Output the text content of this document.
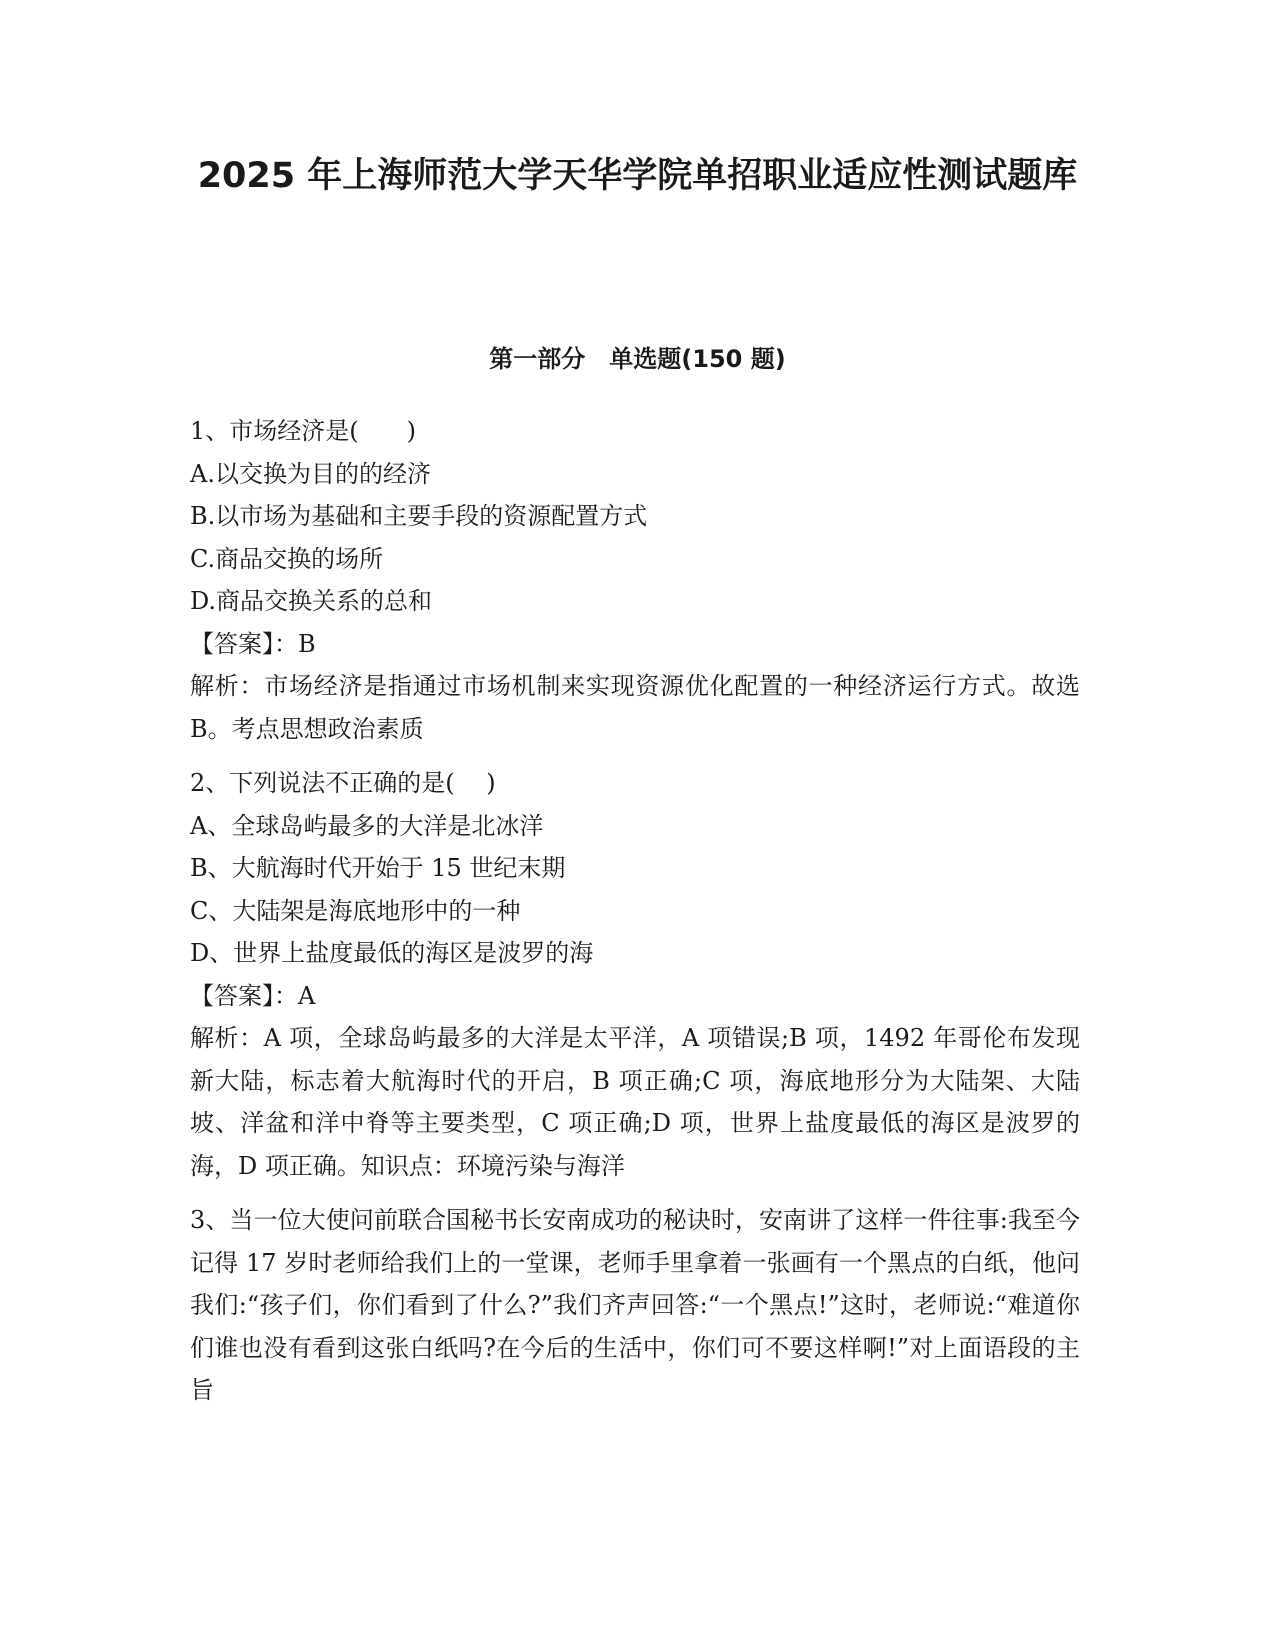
2025 年上海师范大学天华学院单招职业适应性测试题库
第一部分　单选题(150 题)
1、市场经济是(　　)
A.以交换为目的的经济
B.以市场为基础和主要手段的资源配置方式
C.商品交换的场所
D.商品交换关系的总和
【答案】：B

解析：市场经济是指通过市场机制来实现资源优化配置的一种经济运行方式。故选 B。考点思想政治素质

2、下列说法不正确的是(　 )
A、全球岛屿最多的大洋是北冰洋
B、大航海时代开始于 15 世纪末期
C、大陆架是海底地形中的一种
D、世界上盐度最低的海区是波罗的海
【答案】：A

解析：A 项，全球岛屿最多的大洋是太平洋，A 项错误;B 项，1492 年哥伦布发现新大陆，标志着大航海时代的开启，B 项正确;C 项，海底地形分为大陆架、大陆坡、洋盆和洋中脊等主要类型，C 项正确;D 项，世界上盐度最低的海区是波罗的海，D 项正确。知识点：环境污染与海洋

3、当一位大使问前联合国秘书长安南成功的秘诀时，安南讲了这样一件往事:我至今记得 17 岁时老师给我们上的一堂课，老师手里拿着一张画有一个黑点的白纸，他问我们:“孩子们，你们看到了什么?”我们齐声回答:“一个黑点!”这时，老师说:“难道你们谁也没有看到这张白纸吗?在今后的生活中，你们可不要这样啊!”对上面语段的主旨
